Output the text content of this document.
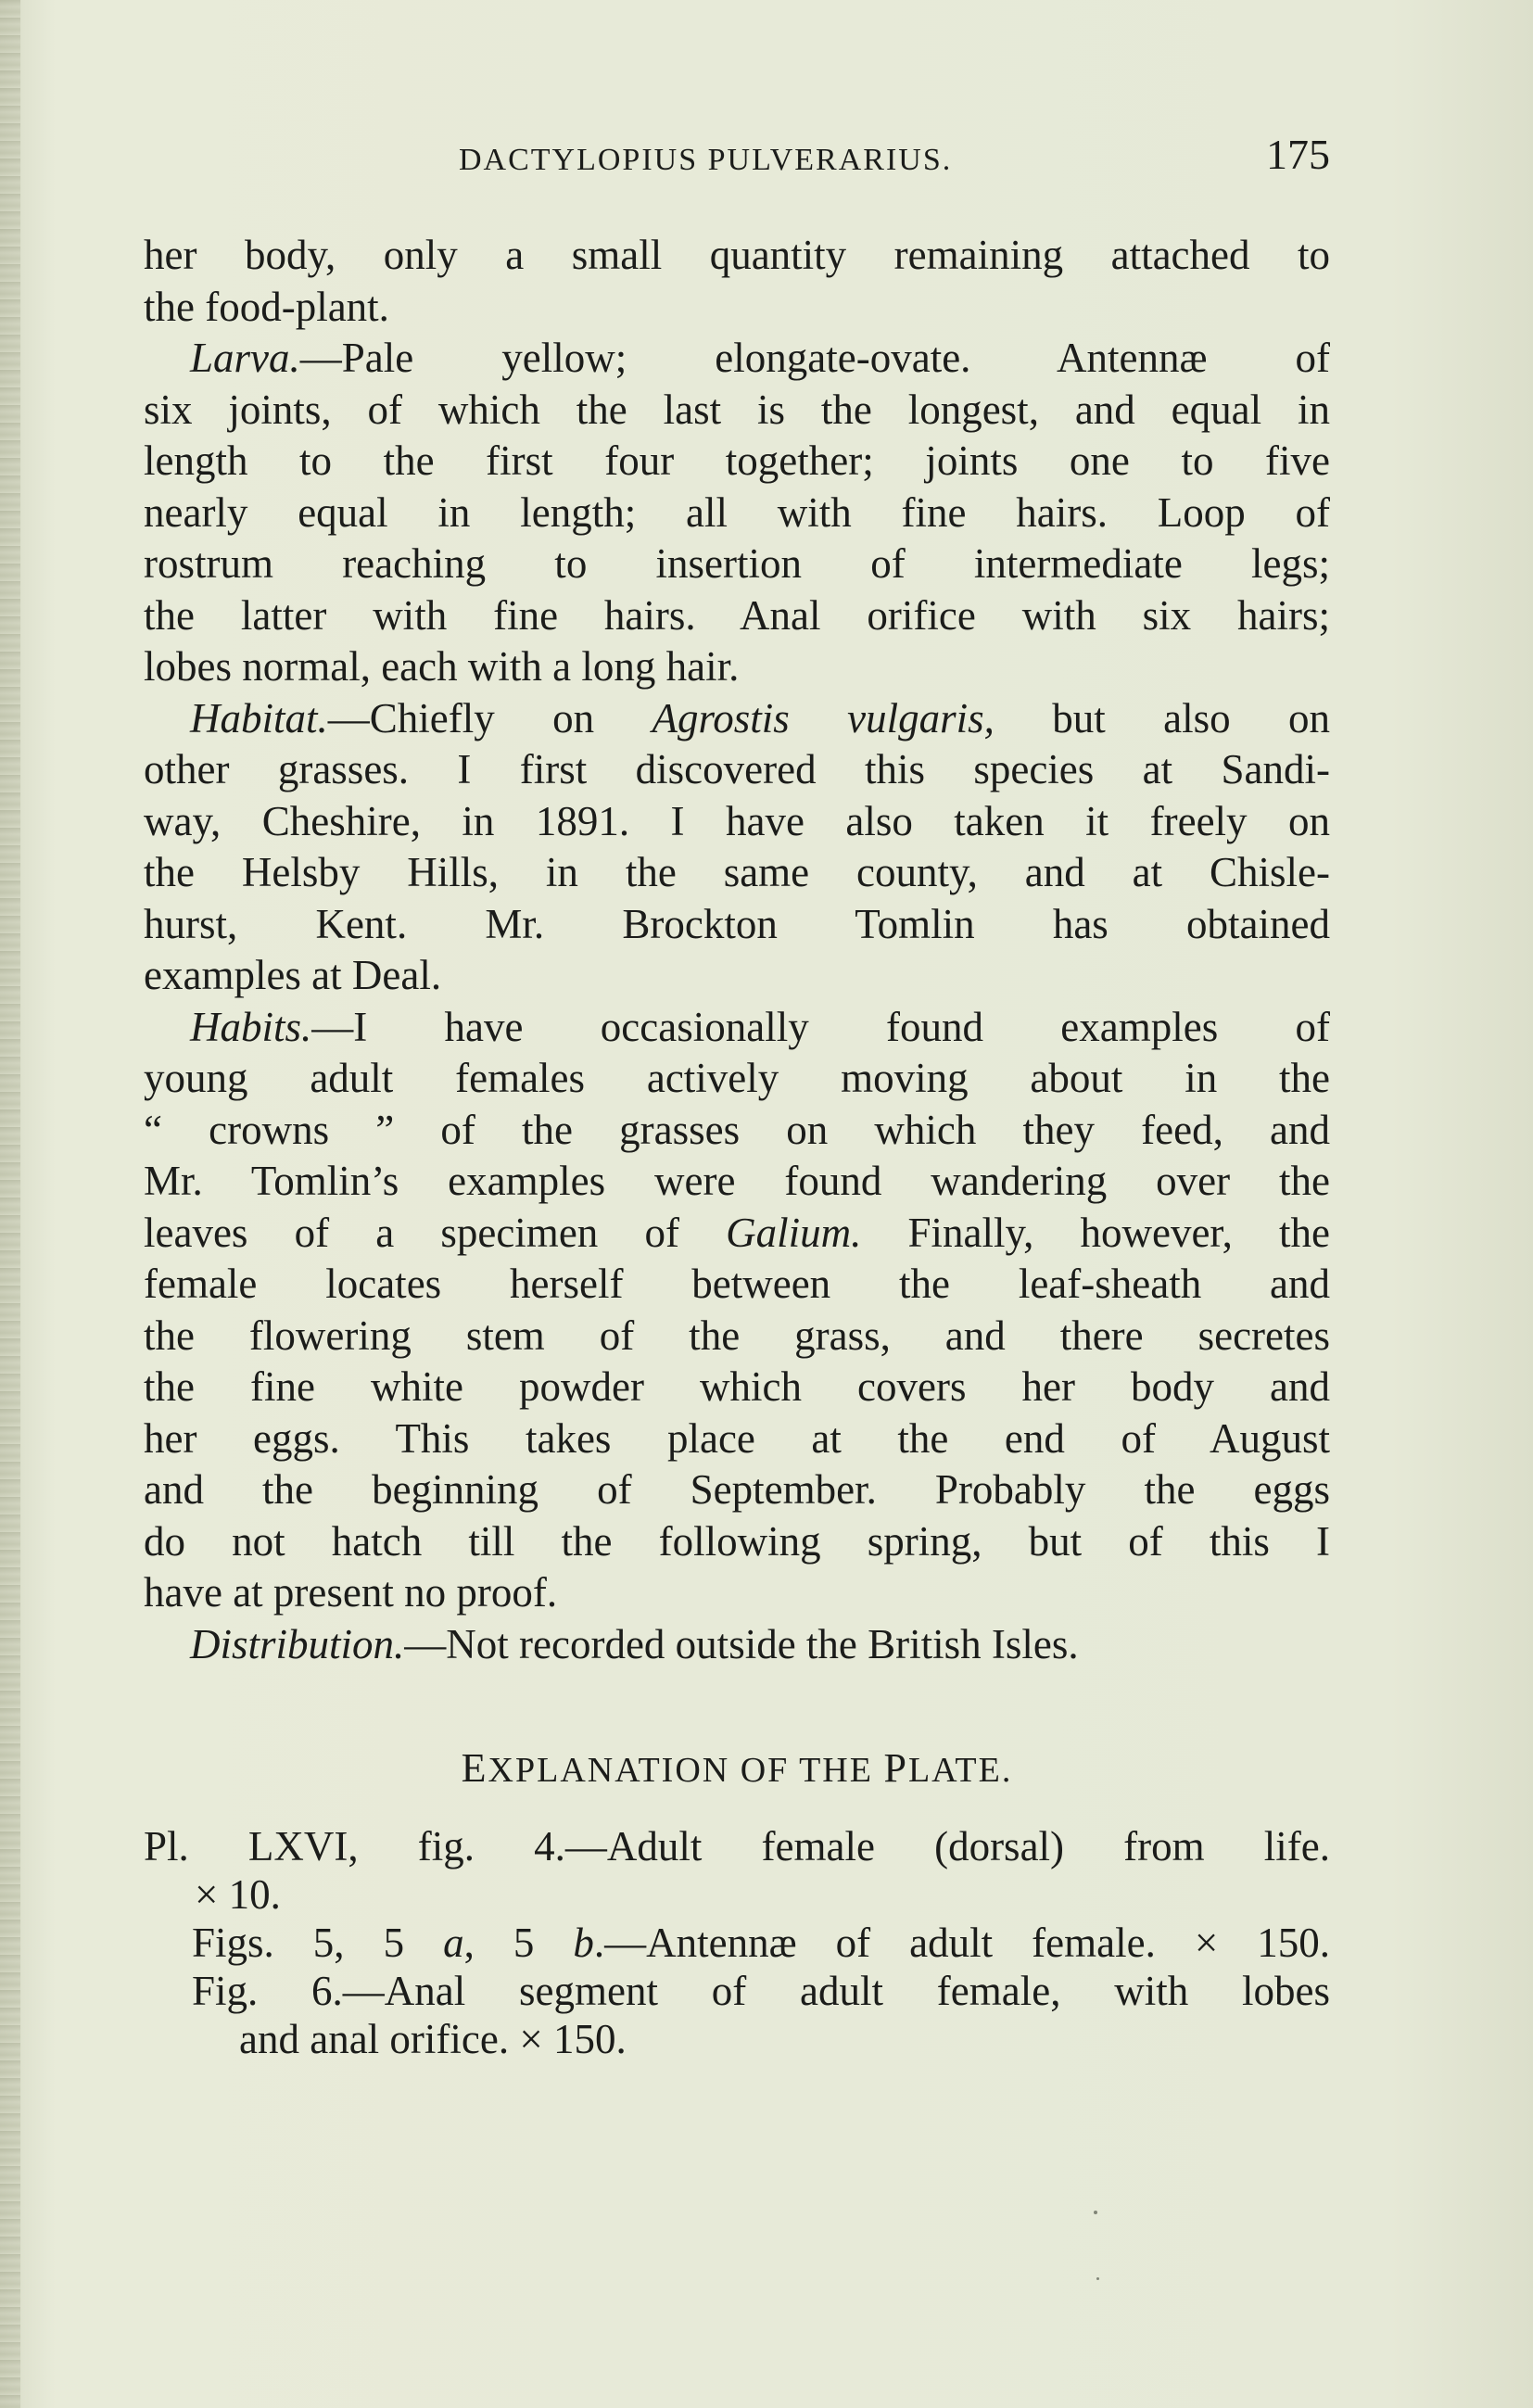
DACTYLOPIUS PULVERARIUS.	175
her body, only a small quantity remaining attached to
the food-plant.
Larva.—Pale yellow; elongate-ovate. Antennæ of
six joints, of which the last is the longest, and equal in
length to the first four together; joints one to five
nearly equal in length; all with fine hairs. Loop of
rostrum reaching to insertion of intermediate legs;
the latter with fine hairs. Anal orifice with six hairs;
lobes normal, each with a long hair.
Habitat.—Chiefly on Agrostis vulgaris, but also on
other grasses. I first discovered this species at Sandi-
way, Cheshire, in 1891. I have also taken it freely on
the Helsby Hills, in the same county, and at Chisle-
hurst, Kent. Mr. Brockton Tomlin has obtained
examples at Deal.
Habits.—I have occasionally found examples of
young adult females actively moving about in the
“ crowns ” of the grasses on which they feed, and
Mr. Tomlin’s examples were found wandering over the
leaves of a specimen of Galium. Finally, however, the
female locates herself between the leaf-sheath and
the flowering stem of the grass, and there secretes
the fine white powder which covers her body and
her eggs. This takes place at the end of August
and the beginning of September. Probably the eggs
do not hatch till the following spring, but of this I
have at present no proof.
Distribution.—Not recorded outside the British Isles.
EXPLANATION OF THE PLATE.
Pl. LXVI, fig. 4.—Adult female (dorsal) from life.
× 10.
Figs. 5, 5 a, 5 b.—Antennæ of adult female. × 150.
Fig. 6.—Anal segment of adult female, with lobes
and anal orifice. × 150.
